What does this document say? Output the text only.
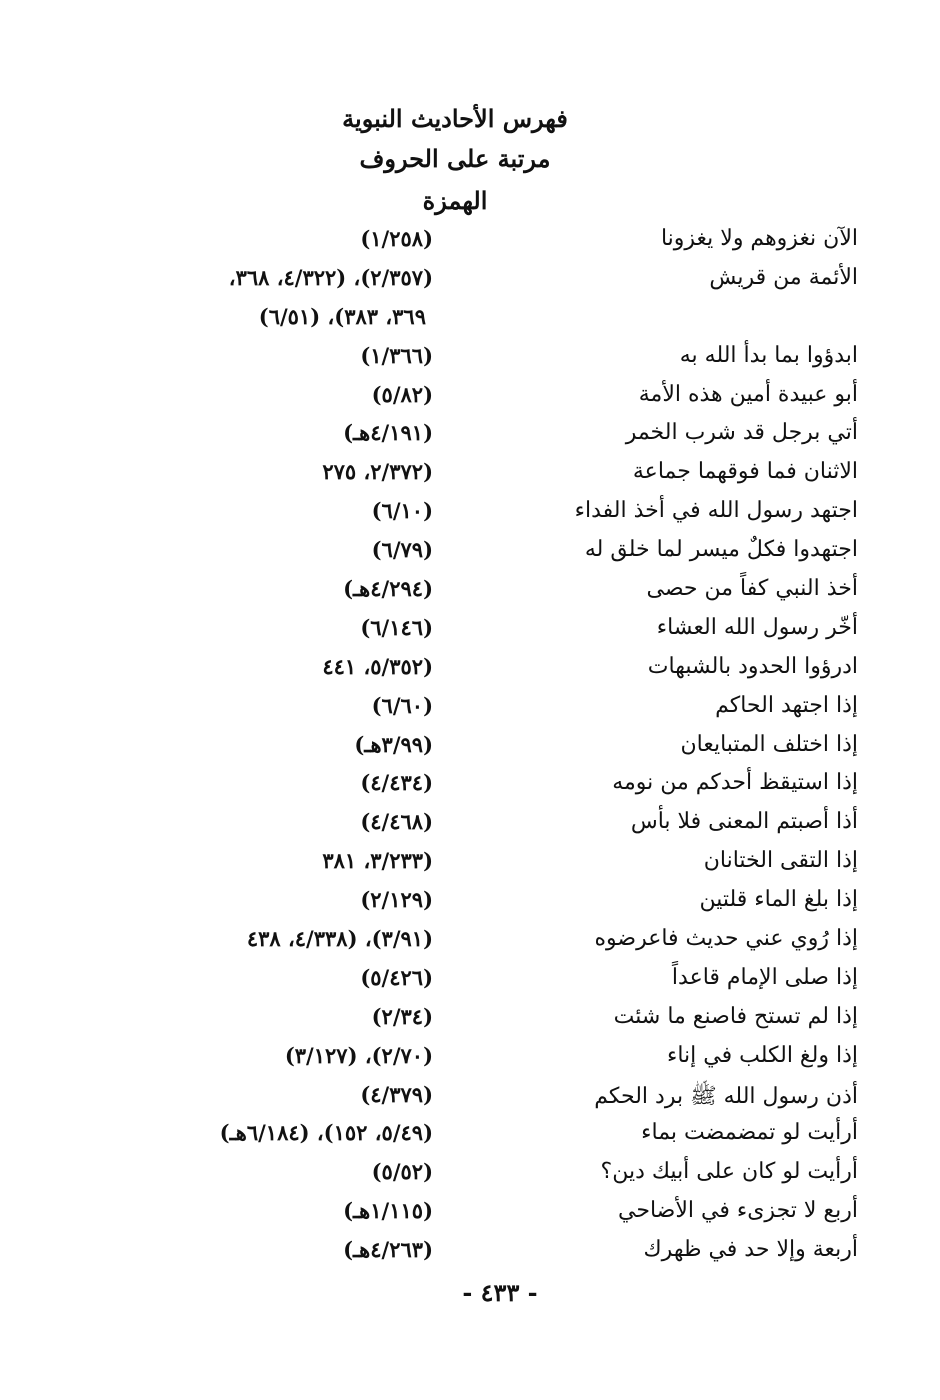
فهرس الأحاديث النبوية
مرتبة على الحروف
الهمزة
الآن نغزوهم ولا يغزونا
(١/٢٥٨)
الأئمة من قريش
(٢/٣٥٧)، (٤/٣٢٢، ٣٦٨،
٣٦٩، ٣٨٣)، (٦/٥١)
ابدؤوا بما بدأ الله به
(١/٣٦٦)
أبو عبيدة أمين هذه الأمة
(٥/٨٢)
أتي برجل قد شرب الخمر
(٤/١٩١هـ)
الاثنان فما فوقهما جماعة
(٢/٣٧٢، ٢٧٥
اجتهد رسول الله في أخذ الفداء
(٦/١٠)
اجتهدوا فكلٌ ميسر لما خلق له
(٦/٧٩)
أخذ النبي كفاً من حصى
(٤/٢٩٤هـ)
أخّر رسول الله العشاء
(٦/١٤٦)
ادرؤوا الحدود بالشبهات
(٥/٣٥٢، ٤٤١
إذا اجتهد الحاكم
(٦/٦٠)
إذا اختلف المتبايعان
(٣/٩٩هـ)
إذا استيقظ أحدكم من نومه
(٤/٤٣٤)
أذا أصبتم المعنى فلا بأس
(٤/٤٦٨)
إذا التقى الختانان
(٣/٢٣٣، ٣٨١
إذا بلغ الماء قلتين
(٢/١٢٩)
إذا رُوي عني حديث فاعرضوه
(٣/٩١)، (٤/٣٣٨، ٤٣٨
إذا صلى الإمام قاعداً
(٥/٤٢٦)
إذا لم تستح فاصنع ما شئت
(٢/٣٤)
إذا ولغ الكلب في إناء
(٢/٧٠)، (٣/١٢٧)
أذن رسول الله ﷺ برد الحكم
(٤/٣٧٩)
أرأيت لو تمضمضت بماء
(٥/٤٩، ١٥٢)، (٦/١٨٤هـ)
أرأيت لو كان على أبيك دين؟
(٥/٥٢)
أربع لا تجزىء في الأضاحي
(١/١١٥هـ)
أربعة وإلا حد في ظهرك
(٤/٢٦٣هـ)
- ٤٣٣ -
